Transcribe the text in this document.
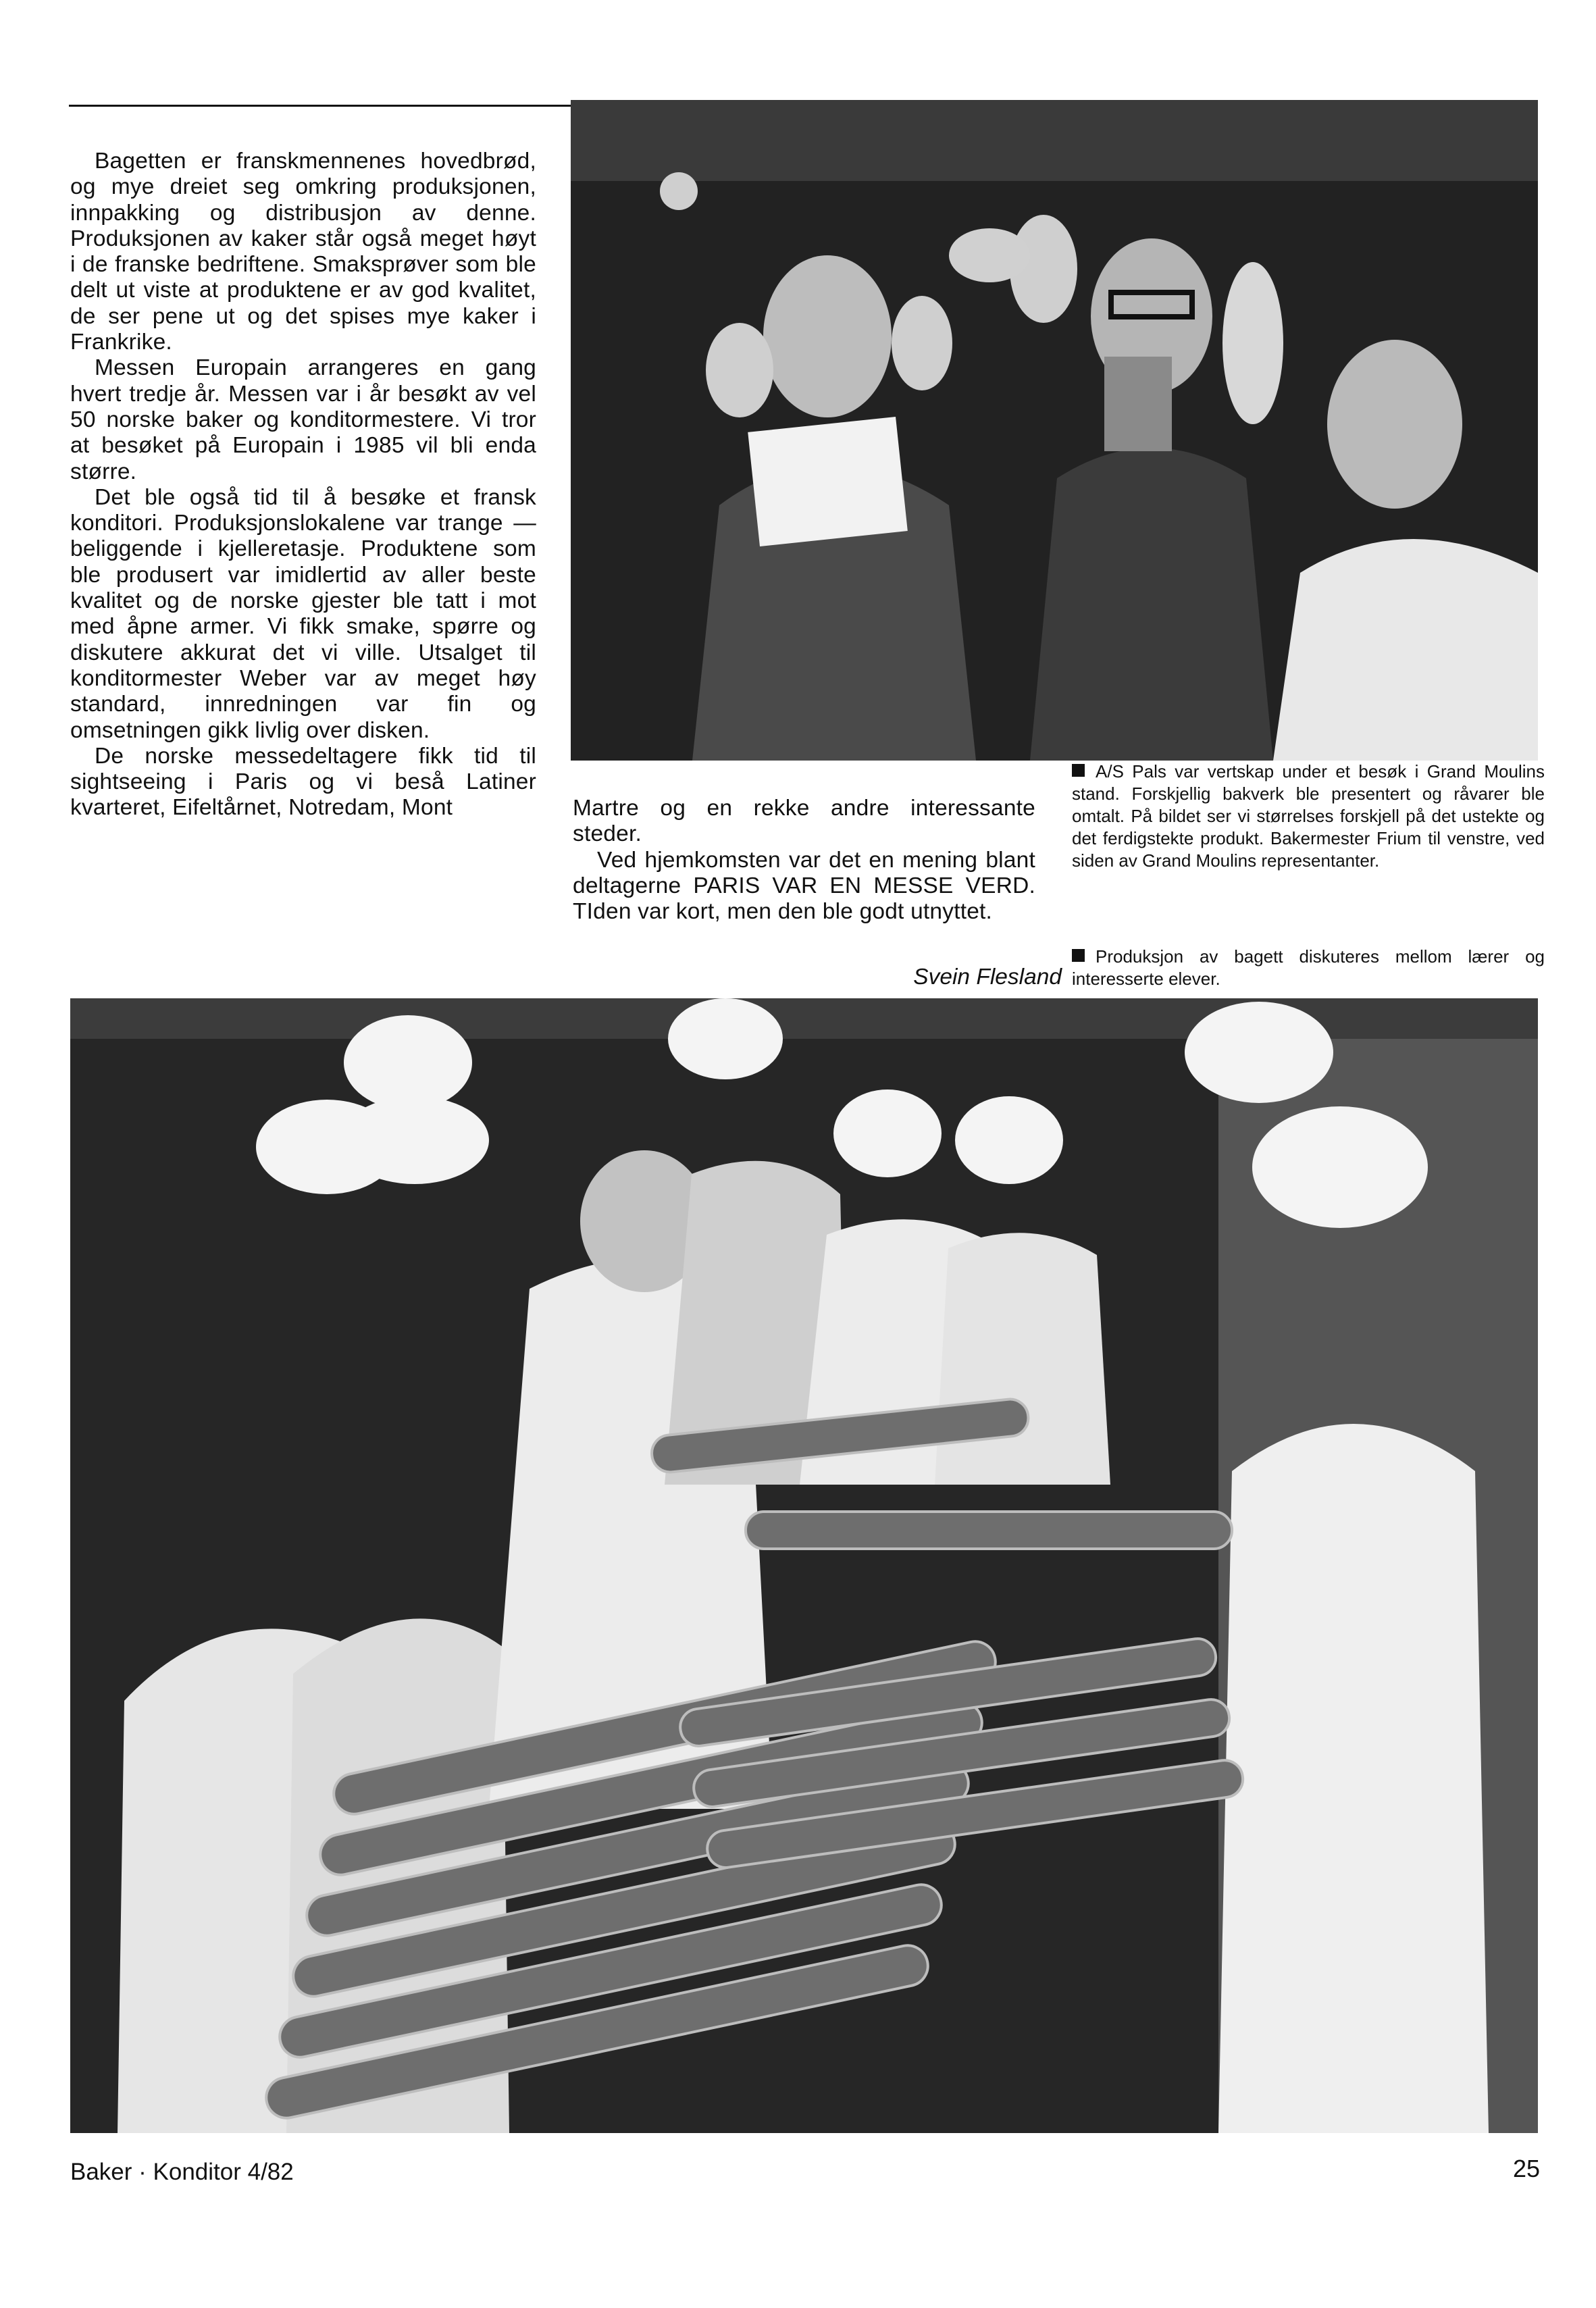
Bagetten er franskmennenes hovedbrød, og mye dreiet seg omkring produksjonen, innpakking og distribusjon av denne. Produksjonen av kaker står også meget høyt i de franske bedriftene. Smaksprøver som ble delt ut viste at produktene er av god kvalitet, de ser pene ut og det spises mye kaker i Frankrike.

Messen Europain arrangeres en gang hvert tredje år. Messen var i år besøkt av vel 50 norske baker og konditormestere. Vi tror at besøket på Europain i 1985 vil bli enda større.

Det ble også tid til å besøke et fransk konditori. Produksjonslokalene var trange — beliggende i kjelleretasje. Produktene som ble produsert var imidlertid av aller beste kvalitet og de norske gjester ble tatt i mot med åpne armer. Vi fikk smake, spørre og diskutere akkurat det vi ville. Utsalget til konditormester Weber var av meget høy standard, innredningen var fin og omsetningen gikk livlig over disken.

De norske messedeltagere fikk tid til sightseeing i Paris og vi beså Latiner kvarteret, Eifeltårnet, Notredam, Mont	Martre og en rekke andre interessante steder.

Ved hjemkomsten var det en mening blant deltagerne PARIS VAR EN MESSE VERD. TIden var kort, men den ble godt utnyttet.

Svein Flesland
A/S Pals var vertskap under et besøk i Grand Moulins stand. Forskjellig bakverk ble presentert og råvarer ble omtalt. På bildet ser vi størrelses forskjell på det ustekte og det ferdigstekte produkt. Bakermester Frium til venstre, ved siden av Grand Moulins representanter.
Produksjon av bagett diskuteres mellom lærer og interesserte elever.
Baker · Konditor 4/82	25
